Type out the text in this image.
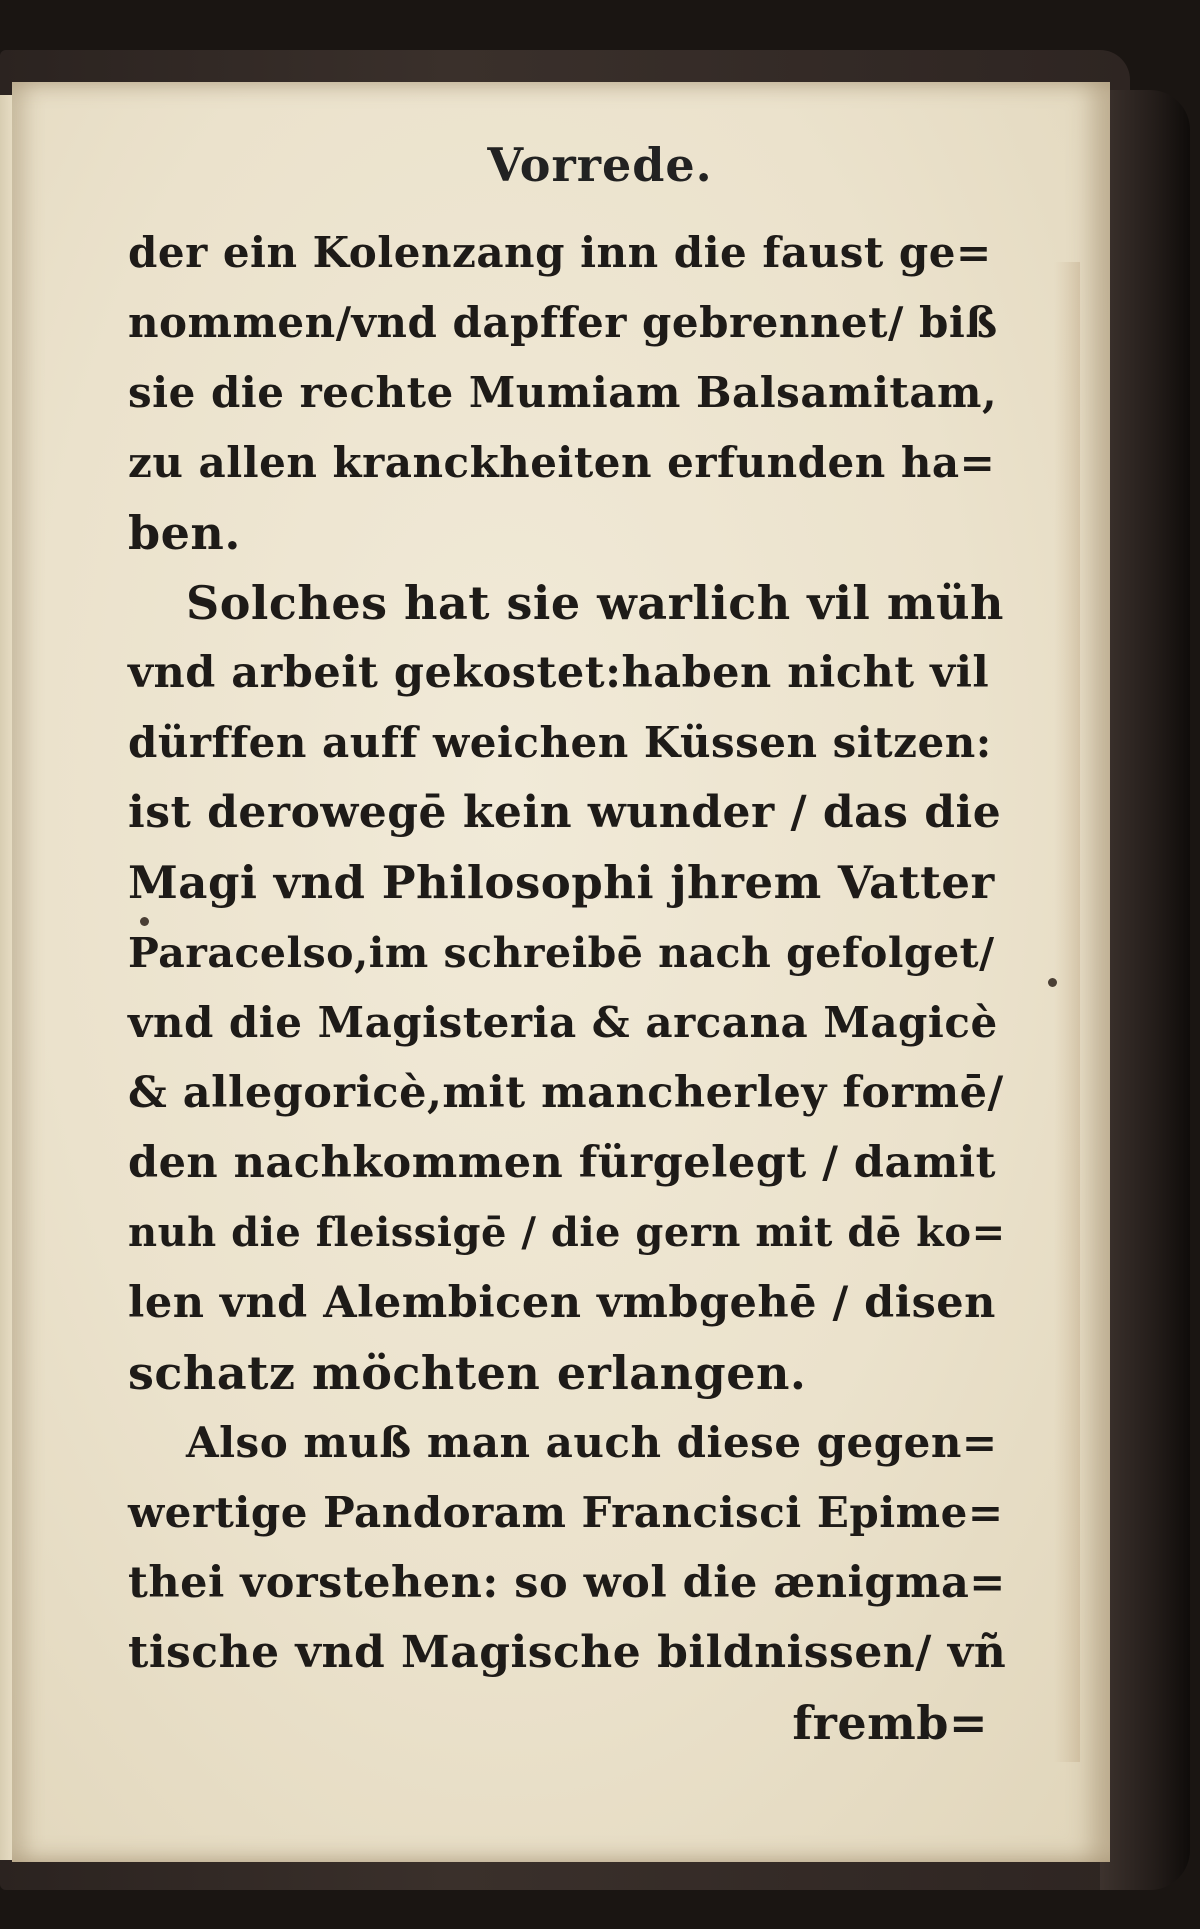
Vorrede.
der ein Kolenzang inn die faust ge=
nommen/vnd dapffer gebrennet/ biß
sie die rechte Mumiam Balsamitam,
zu allen kranckheiten erfunden ha=
ben.
Solches hat sie warlich vil müh
vnd arbeit gekostet:haben nicht vil
dürffen auff weichen Küssen sitzen:
ist derowegē kein wunder / das die
Magi vnd Philosophi jhrem Vatter
Paracelso,im schreibē nach gefolget/
vnd die Magisteria & arcana Magicè
& allegoricè,mit mancherley formē/
den nachkommen fürgelegt / damit
nuh die fleissigē / die gern mit dē ko=
len vnd Alembicen vmbgehē / disen
schatz möchten erlangen.
Also muß man auch diese gegen=
wertige Pandoram Francisci Epime=
thei vorstehen: so wol die ænigma=
tische vnd Magische bildnissen/ vñ
fremb=
